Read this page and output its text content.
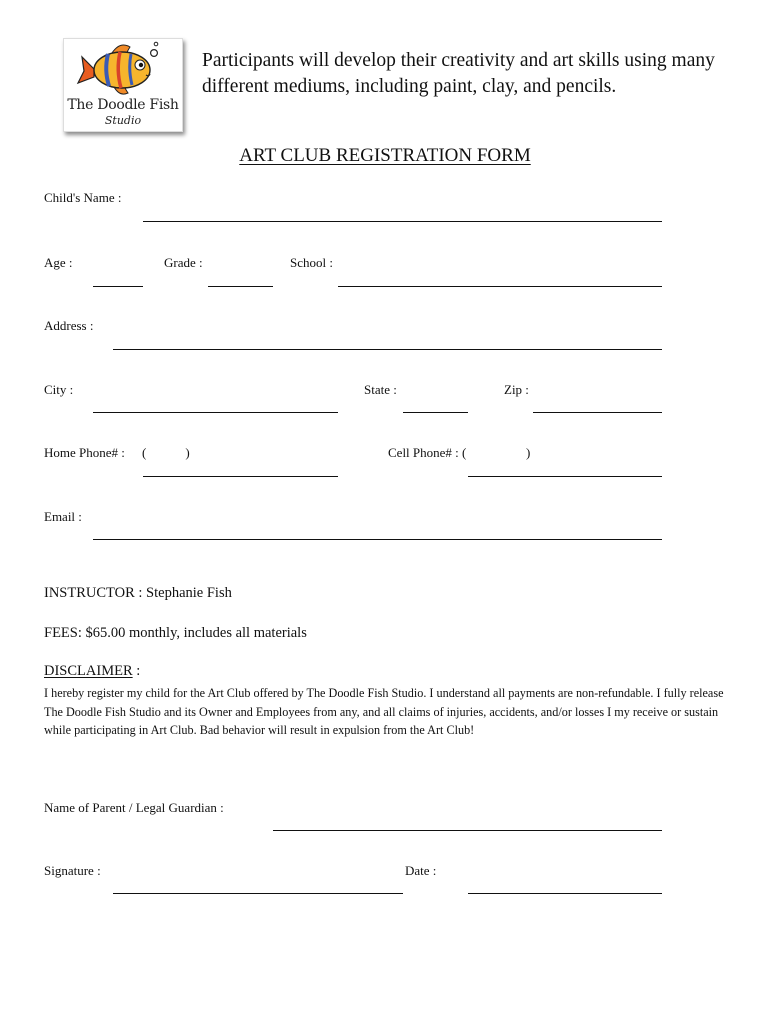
The Doodle Fish
Studio
Participants will develop their creativity and art skills using many different mediums, including paint, clay, and pencils.
ART CLUB REGISTRATION FORM
Child's Name :
Age :	Grade :	School :
Address :
City :	State :	Zip :
Home Phone# : (            )	Cell Phone# : (	)
Email :
INSTRUCTOR : Stephanie Fish
FEES: $65.00 monthly, includes all materials
DISCLAIMER :
I hereby register my child for the Art Club offered by The Doodle Fish Studio. I understand all payments are non-refundable. I fully release The Doodle Fish Studio and its Owner and Employees from any, and all claims of injuries, accidents, and/or losses I my receive or sustain while participating in Art Club. Bad behavior will result in expulsion from the Art Club!
Name of Parent / Legal Guardian :
Signature :	Date :
